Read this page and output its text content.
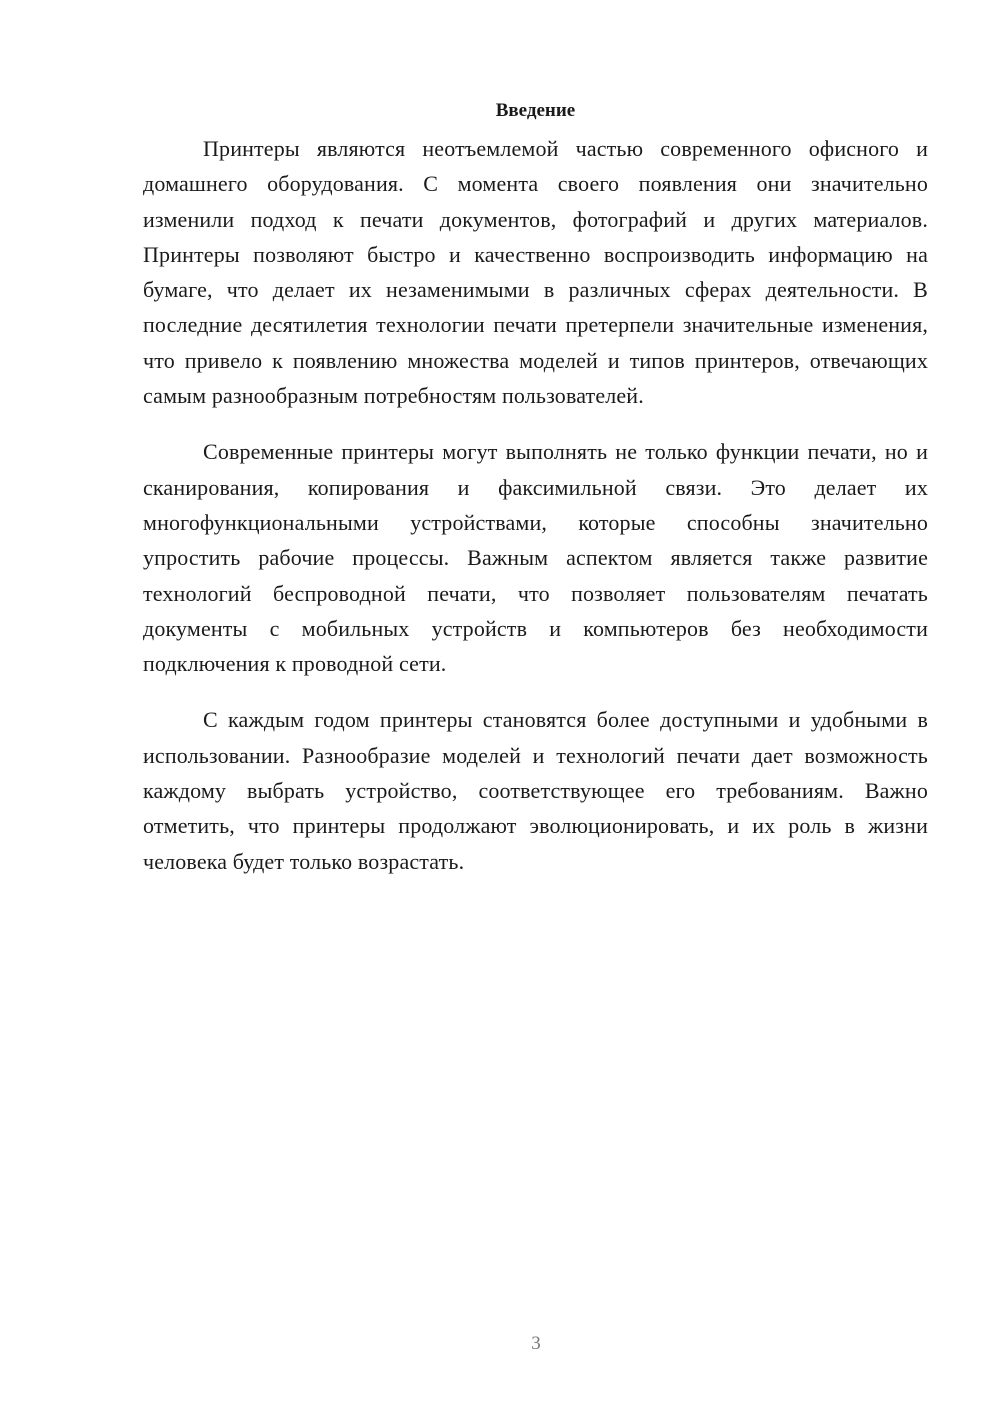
Введение

Принтеры являются неотъемлемой частью современного офисного и домашнего оборудования. С момента своего появления они значительно изменили подход к печати документов, фотографий и других материалов. Принтеры позволяют быстро и качественно воспроизводить информацию на бумаге, что делает их незаменимыми в различных сферах деятельности. В последние десятилетия технологии печати претерпели значительные изменения, что привело к появлению множества моделей и типов принтеров, отвечающих самым разнообразным потребностям пользователей.

Современные принтеры могут выполнять не только функции печати, но и сканирования, копирования и факсимильной связи. Это делает их многофункциональными устройствами, которые способны значительно упростить рабочие процессы. Важным аспектом является также развитие технологий беспроводной печати, что позволяет пользователям печатать документы с мобильных устройств и компьютеров без необходимости подключения к проводной сети.

С каждым годом принтеры становятся более доступными и удобными в использовании. Разнообразие моделей и технологий печати дает возможность каждому выбрать устройство, соответствующее его требованиям. Важно отметить, что принтеры продолжают эволюционировать, и их роль в жизни человека будет только возрастать.

3
